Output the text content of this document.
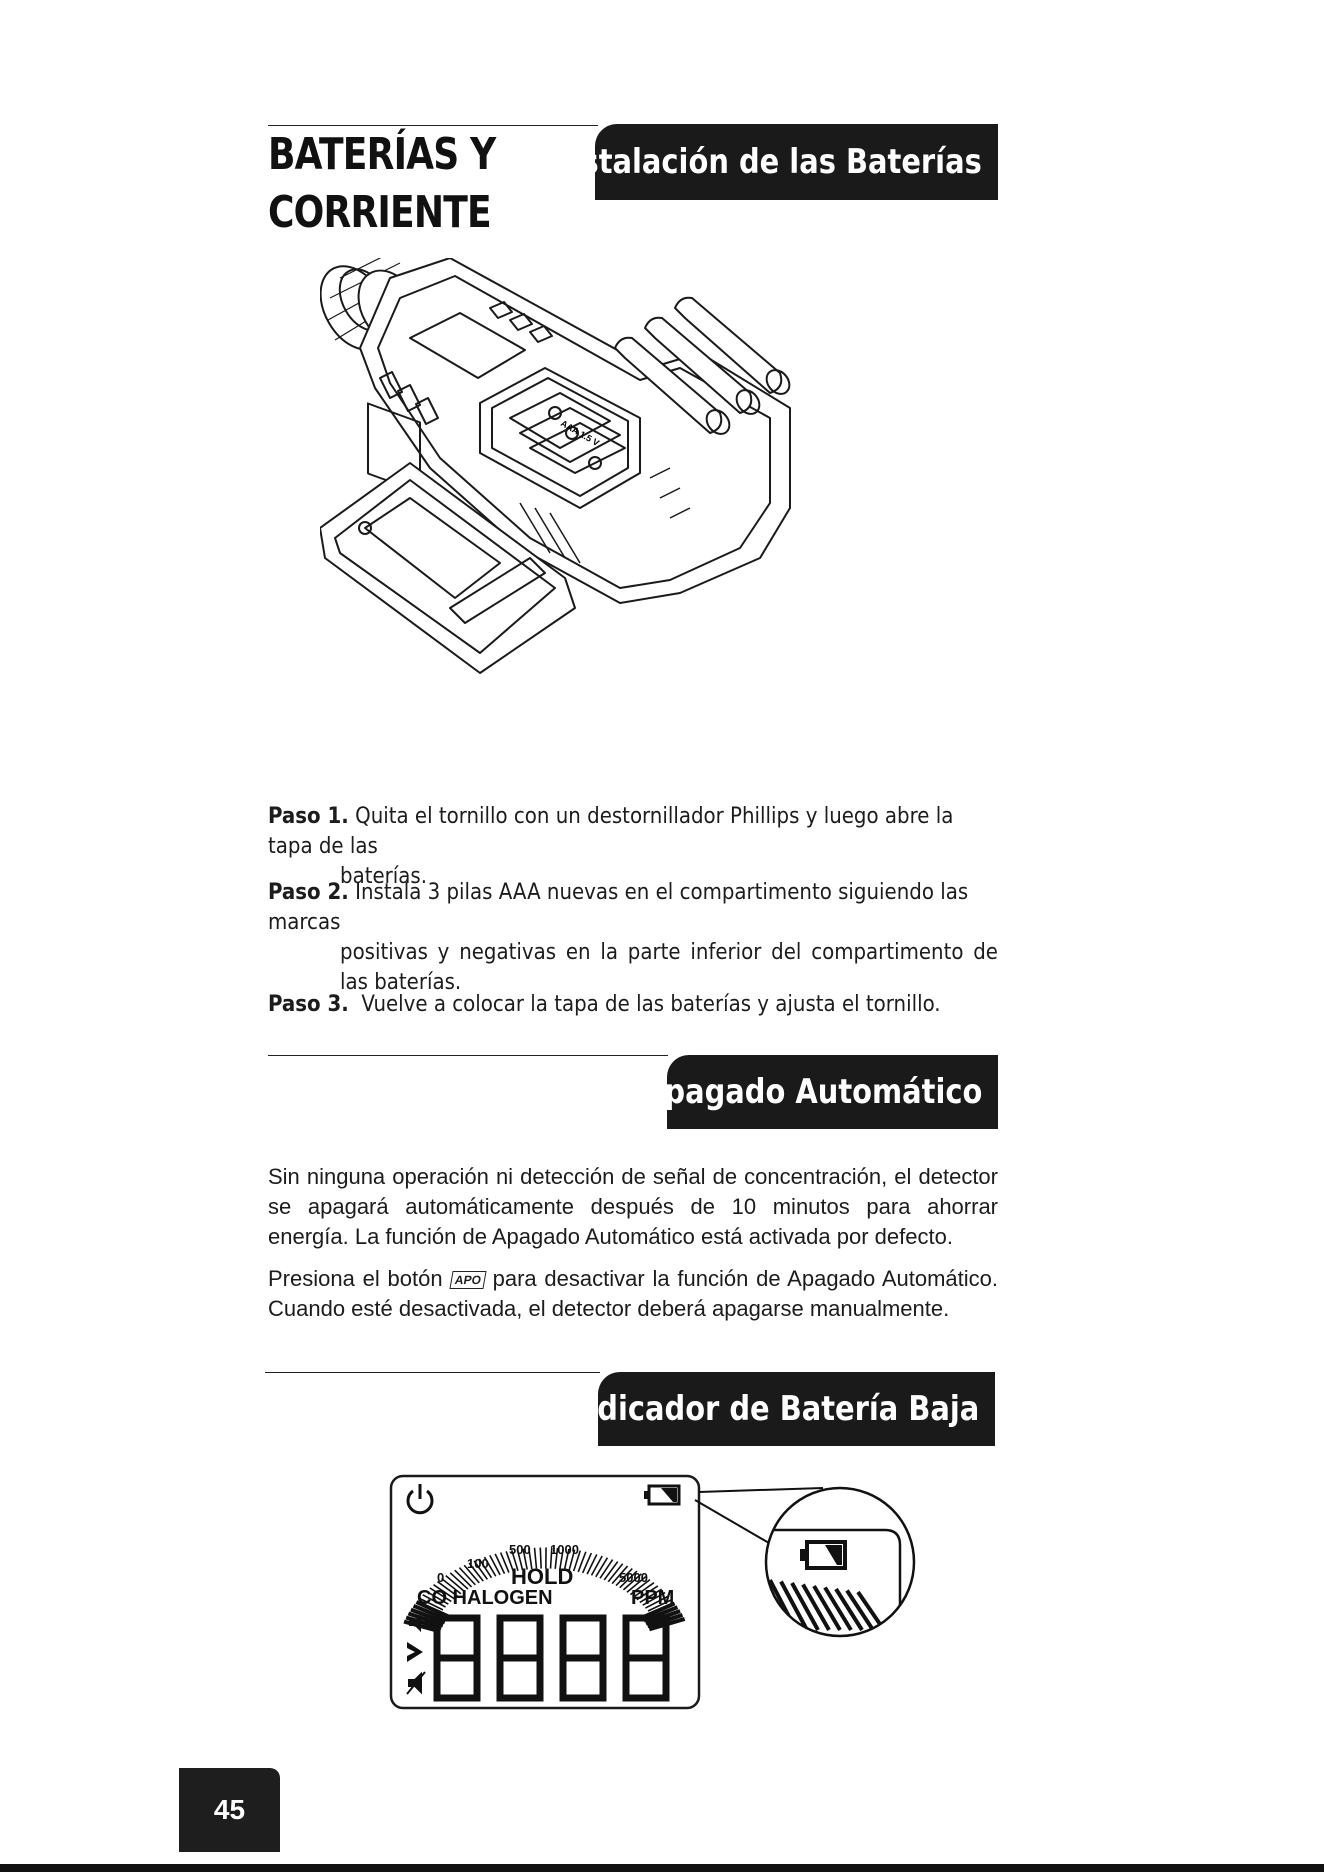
BATERÍAS Y
CORRIENTE
Instalación de las Baterías
AAA 1.5 V
Paso 1. Quita el tornillo con un destornillador Phillips y luego abre la tapa de las
baterías.
Paso 2. Instala 3 pilas AAA nuevas en el compartimento siguiendo las marcas
positivas y negativas en la parte inferior del compartimento de las baterías.
Paso 3. Vuelve a colocar la tapa de las baterías y ajusta el tornillo.
Apagado Automático
Sin ninguna operación ni detección de señal de concentración, el detector se apagará automáticamente después de 10 minutos para ahorrar energía. La función de Apagado Automático está activada por defecto.
Presiona el botón APO para desactivar la función de Apagado Automático. Cuando esté desactivada, el detector deberá apagarse manualmente.
Indicador de Batería Baja
0
100
500 1000
5000
HOLD
CO HALOGEN	PPM
8888
45
